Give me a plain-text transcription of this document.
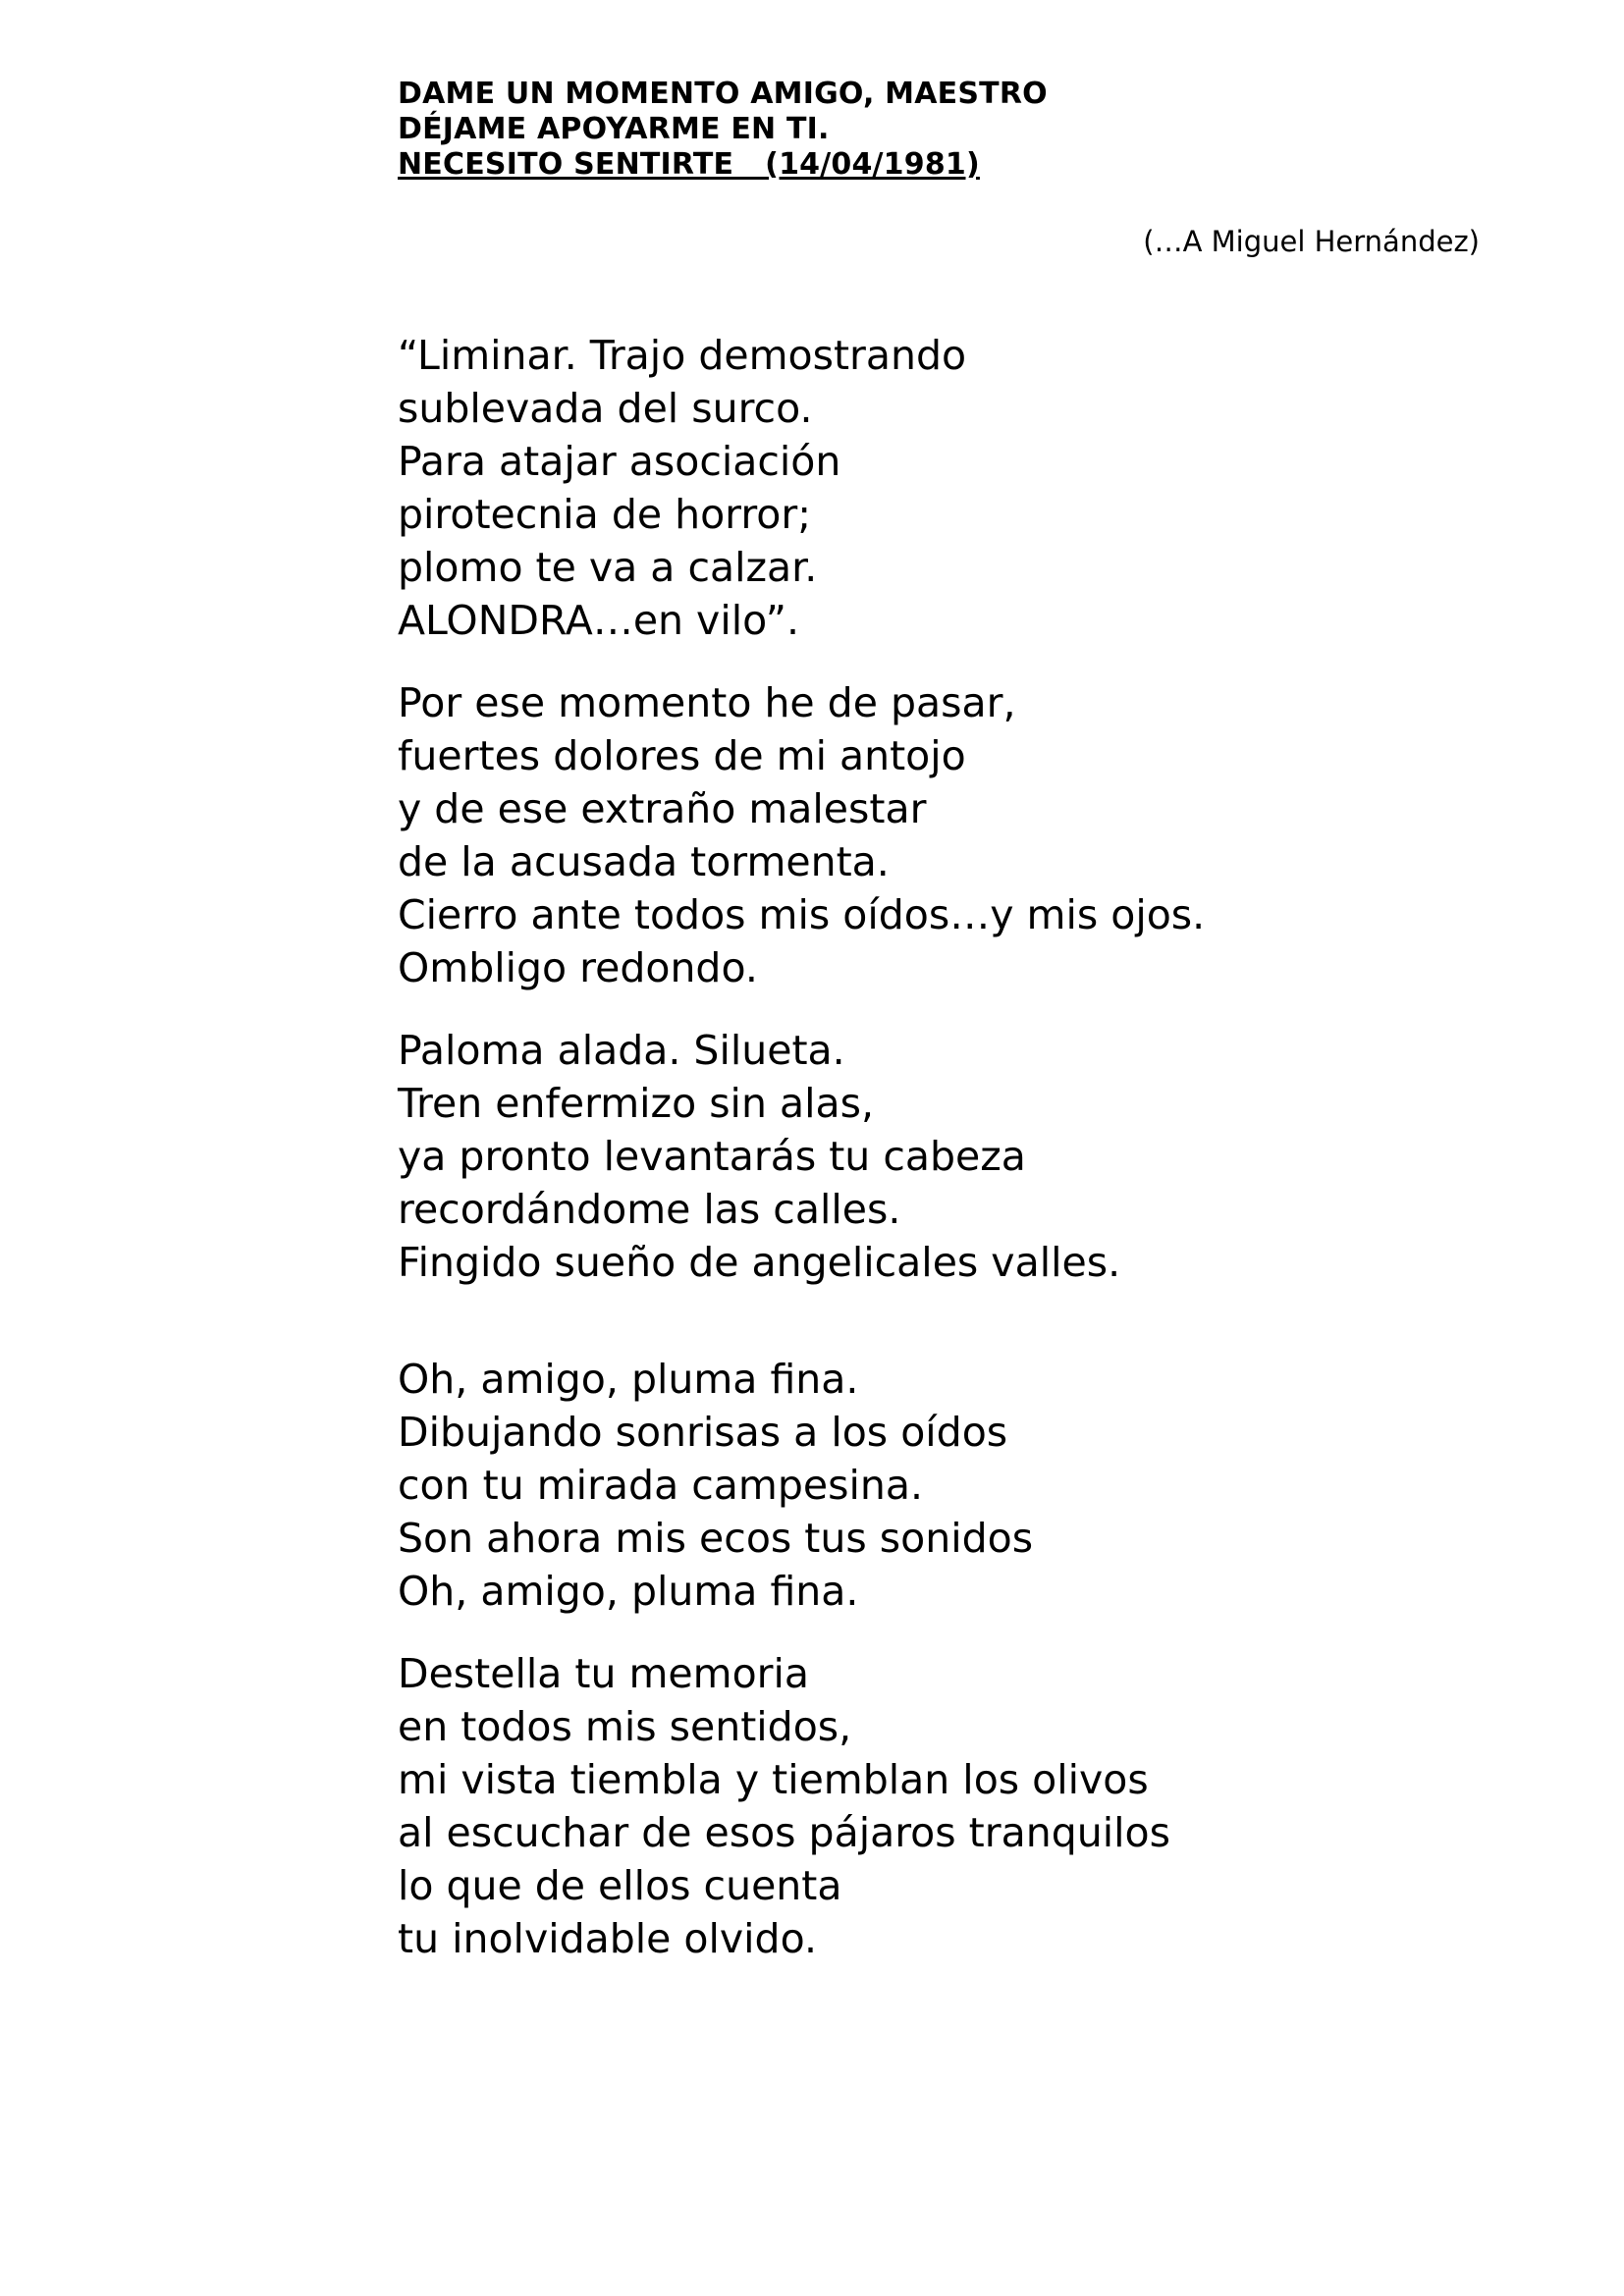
DAME UN MOMENTO AMIGO, MAESTRO
DÉJAME APOYARME EN TI.
NECESITO SENTIRTE   (14/04/1981)
(…A Miguel Hernández)

“Liminar. Trajo demostrando
sublevada del surco.
Para atajar asociación
pirotecnia de horror;
plomo te va a calzar.
ALONDRA…en vilo”.

Por ese momento he de pasar,
fuertes dolores de mi antojo
y de ese extraño malestar
de la acusada tormenta.
Cierro ante todos mis oídos…y mis ojos.
Ombligo redondo.

Paloma alada. Silueta.
Tren enfermizo sin alas,
ya pronto levantarás tu cabeza
recordándome las calles.
Fingido sueño de angelicales valles.

Oh, amigo, pluma fina.
Dibujando sonrisas a los oídos
con tu mirada campesina.
Son ahora mis ecos tus sonidos
Oh, amigo, pluma fina.

Destella tu memoria
en todos mis sentidos,
mi vista tiembla y tiemblan los olivos
al escuchar de esos pájaros tranquilos
lo que de ellos cuenta
tu inolvidable olvido.
